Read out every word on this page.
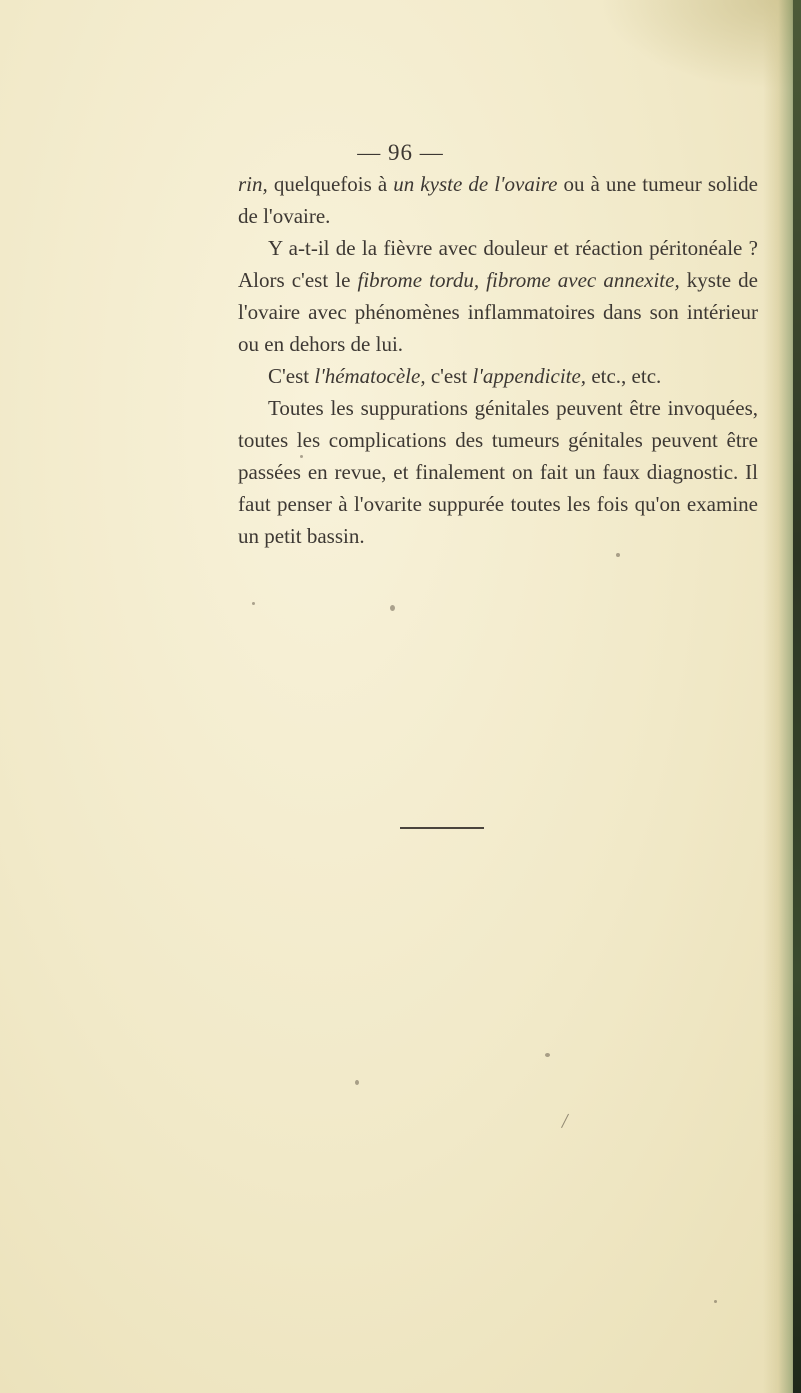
— 96 —

rin, quelquefois à un kyste de l'ovaire ou à une tumeur solide de l'ovaire.

Y a-t-il de la fièvre avec douleur et réaction péritonéale ? Alors c'est le fibrome tordu, fibrome avec annexite, kyste de l'ovaire avec phénomènes inflammatoires dans son intérieur ou en dehors de lui.

C'est l'hématocèle, c'est l'appendicite, etc., etc.

Toutes les suppurations génitales peuvent être invoquées, toutes les complications des tumeurs génitales peuvent être passées en revue, et finalement on fait un faux diagnostic. Il faut penser à l'ovarite suppurée toutes les fois qu'on examine un petit bassin.

/
